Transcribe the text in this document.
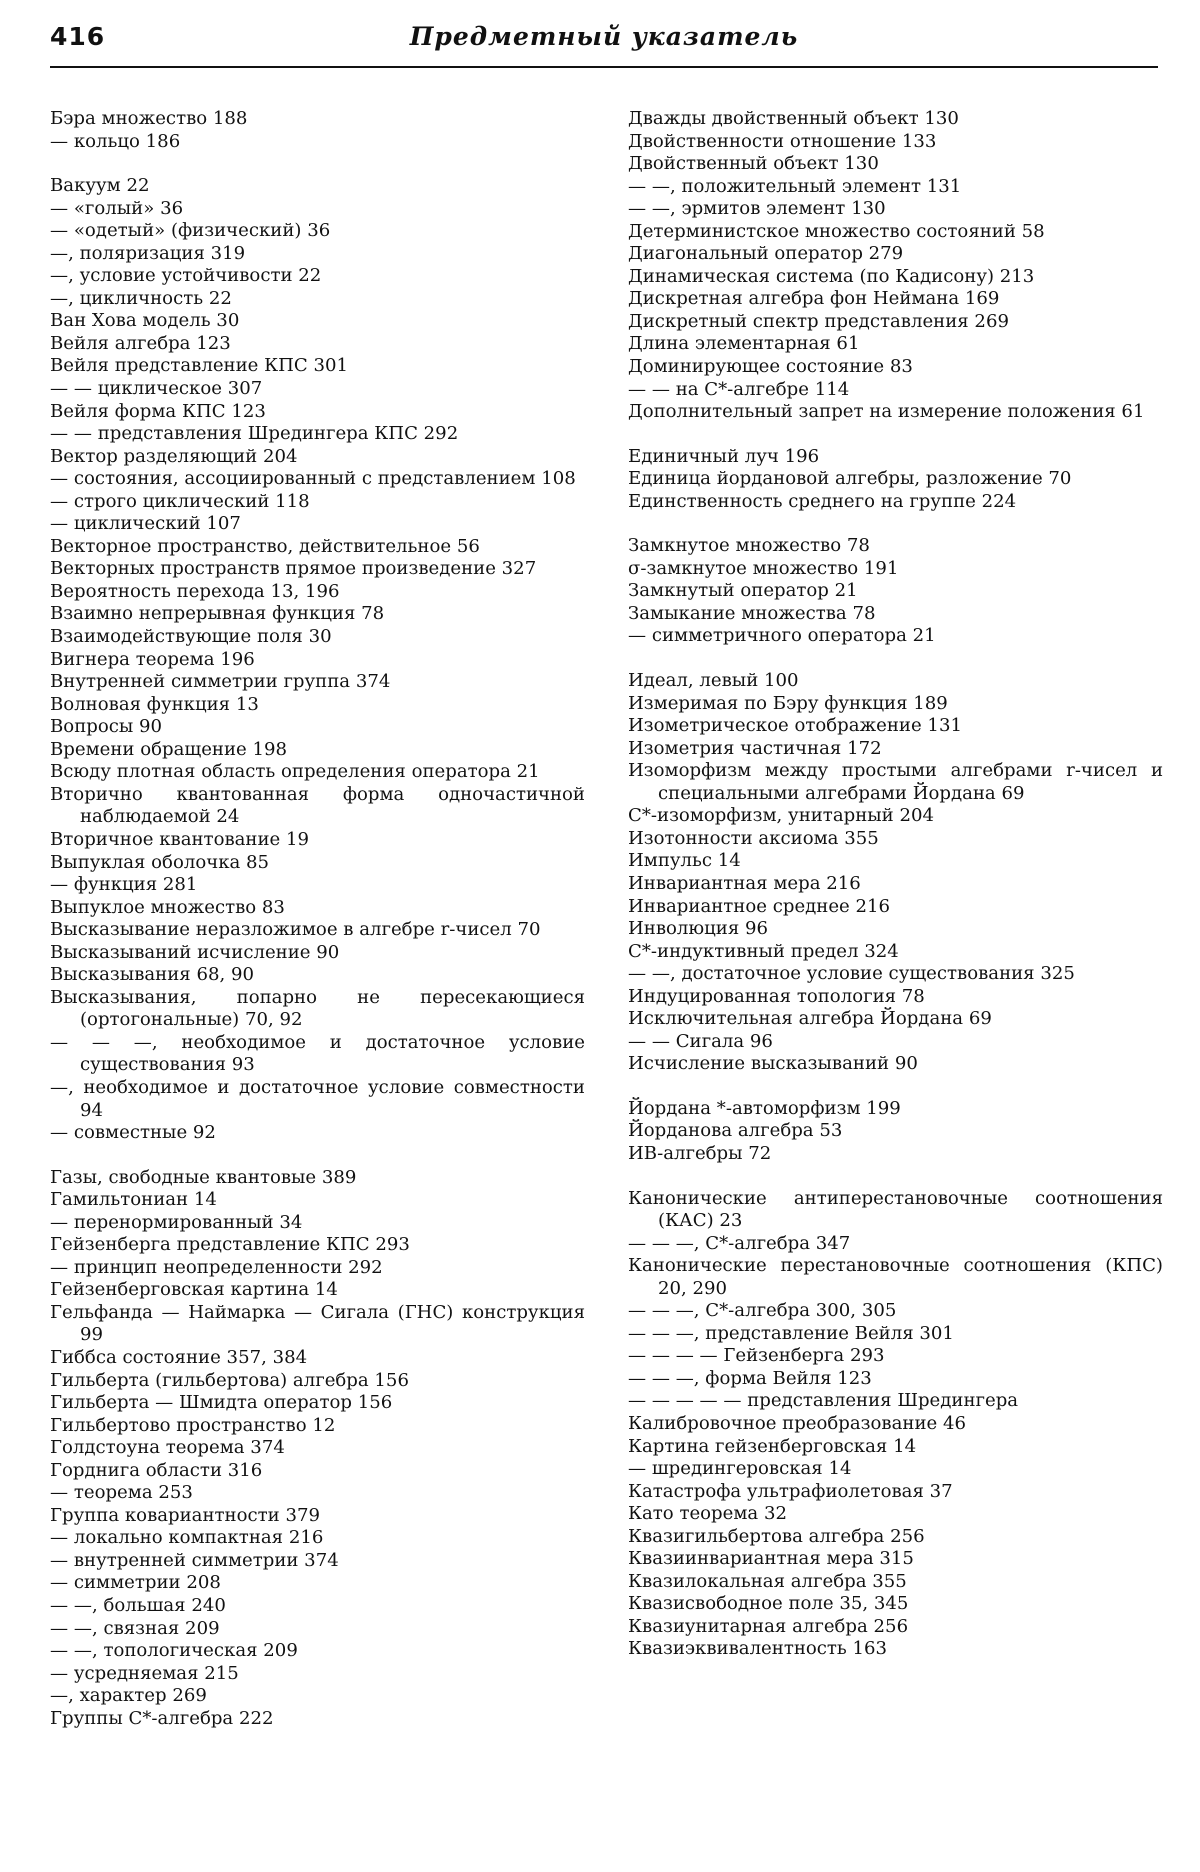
416	Предметный указатель
Бэра множество 188
— кольцо 186
Вакуум 22
— «голый» 36
— «одетый» (физический) 36
—, поляризация 319
—, условие устойчивости 22
—, цикличность 22
Ван Хова модель 30
Вейля алгебра 123
Вейля представление КПС 301
— — циклическое 307
Вейля форма КПС 123
— — представления Шредингера КПС 292
Вектор разделяющий 204
— состояния, ассоциированный с представлением 108
— строго циклический 118
— циклический 107
Векторное пространство, действительное 56
Векторных пространств прямое произведение 327
Вероятность перехода 13, 196
Взаимно непрерывная функция 78
Взаимодействующие поля 30
Вигнера теорема 196
Внутренней симметрии группа 374
Волновая функция 13
Вопросы 90
Времени обращение 198
Всюду плотная область определения оператора 21
Вторично квантованная форма одночастичной наблюдаемой 24
Вторичное квантование 19
Выпуклая оболочка 85
— функция 281
Выпуклое множество 83
Высказывание неразложимое в алгебре r-чисел 70
Высказываний исчисление 90
Высказывания 68, 90
Высказывания, попарно не пересекающиеся (ортогональные) 70, 92
— — —, необходимое и достаточное условие существования 93
—, необходимое и достаточное условие совместности 94
— совместные 92
Газы, свободные квантовые 389
Гамильтониан 14
— перенормированный 34
Гейзенберга представление КПС 293
— принцип неопределенности 292
Гейзенберговская картина 14
Гельфанда — Наймарка — Сигала (ГНС) конструкция 99
Гиббса состояние 357, 384
Гильберта (гильбертова) алгебра 156
Гильберта — Шмидта оператор 156
Гильбертово пространство 12
Голдстоуна теорема 374
Горднига области 316
— теорема 253
Группа ковариантности 379
— локально компактная 216
— внутренней симметрии 374
— симметрии 208
— —, большая 240
— —, связная 209
— —, топологическая 209
— усредняемая 215
—, характер 269
Группы C*-алгебра 222
Дважды двойственный объект 130
Двойственности отношение 133
Двойственный объект 130
— —, положительный элемент 131
— —, эрмитов элемент 130
Детерминистское множество состояний 58
Диагональный оператор 279
Динамическая система (по Кадисону) 213
Дискретная алгебра фон Неймана 169
Дискретный спектр представления 269
Длина элементарная 61
Доминирующее состояние 83
— — на C*-алгебре 114
Дополнительный запрет на измерение положения 61
Единичный луч 196
Единица йордановой алгебры, разложение 70
Единственность среднего на группе 224
Замкнутое множество 78
σ-замкнутое множество 191
Замкнутый оператор 21
Замыкание множества 78
— симметричного оператора 21
Идеал, левый 100
Измеримая по Бэру функция 189
Изометрическое отображение 131
Изометрия частичная 172
Изоморфизм между простыми алгебрами r-чисел и специальными алгебрами Йордана 69
C*-изоморфизм, унитарный 204
Изотонности аксиома 355
Импульс 14
Инвариантная мера 216
Инвариантное среднее 216
Инволюция 96
C*-индуктивный предел 324
— —, достаточное условие существования 325
Индуцированная топология 78
Исключительная алгебра Йордана 69
— — Сигала 96
Исчисление высказываний 90
Йордана *-автоморфизм 199
Йорданова алгебра 53
ИВ-алгебры 72
Канонические антиперестановочные соотношения (КАС) 23
— — —, C*-алгебра 347
Канонические перестановочные соотношения (КПС) 20, 290
— — —, C*-алгебра 300, 305
— — —, представление Вейля 301
— — — — Гейзенберга 293
— — —, форма Вейля 123
— — — — — представления Шредингера
Калибровочное преобразование 46
Картина гейзенберговская 14
— шредингеровская 14
Катастрофа ультрафиолетовая 37
Като теорема 32
Квазигильбертова алгебра 256
Квазиинвариантная мера 315
Квазилокальная алгебра 355
Квазисвободное поле 35, 345
Квазиунитарная алгебра 256
Квазиэквивалентность 163
